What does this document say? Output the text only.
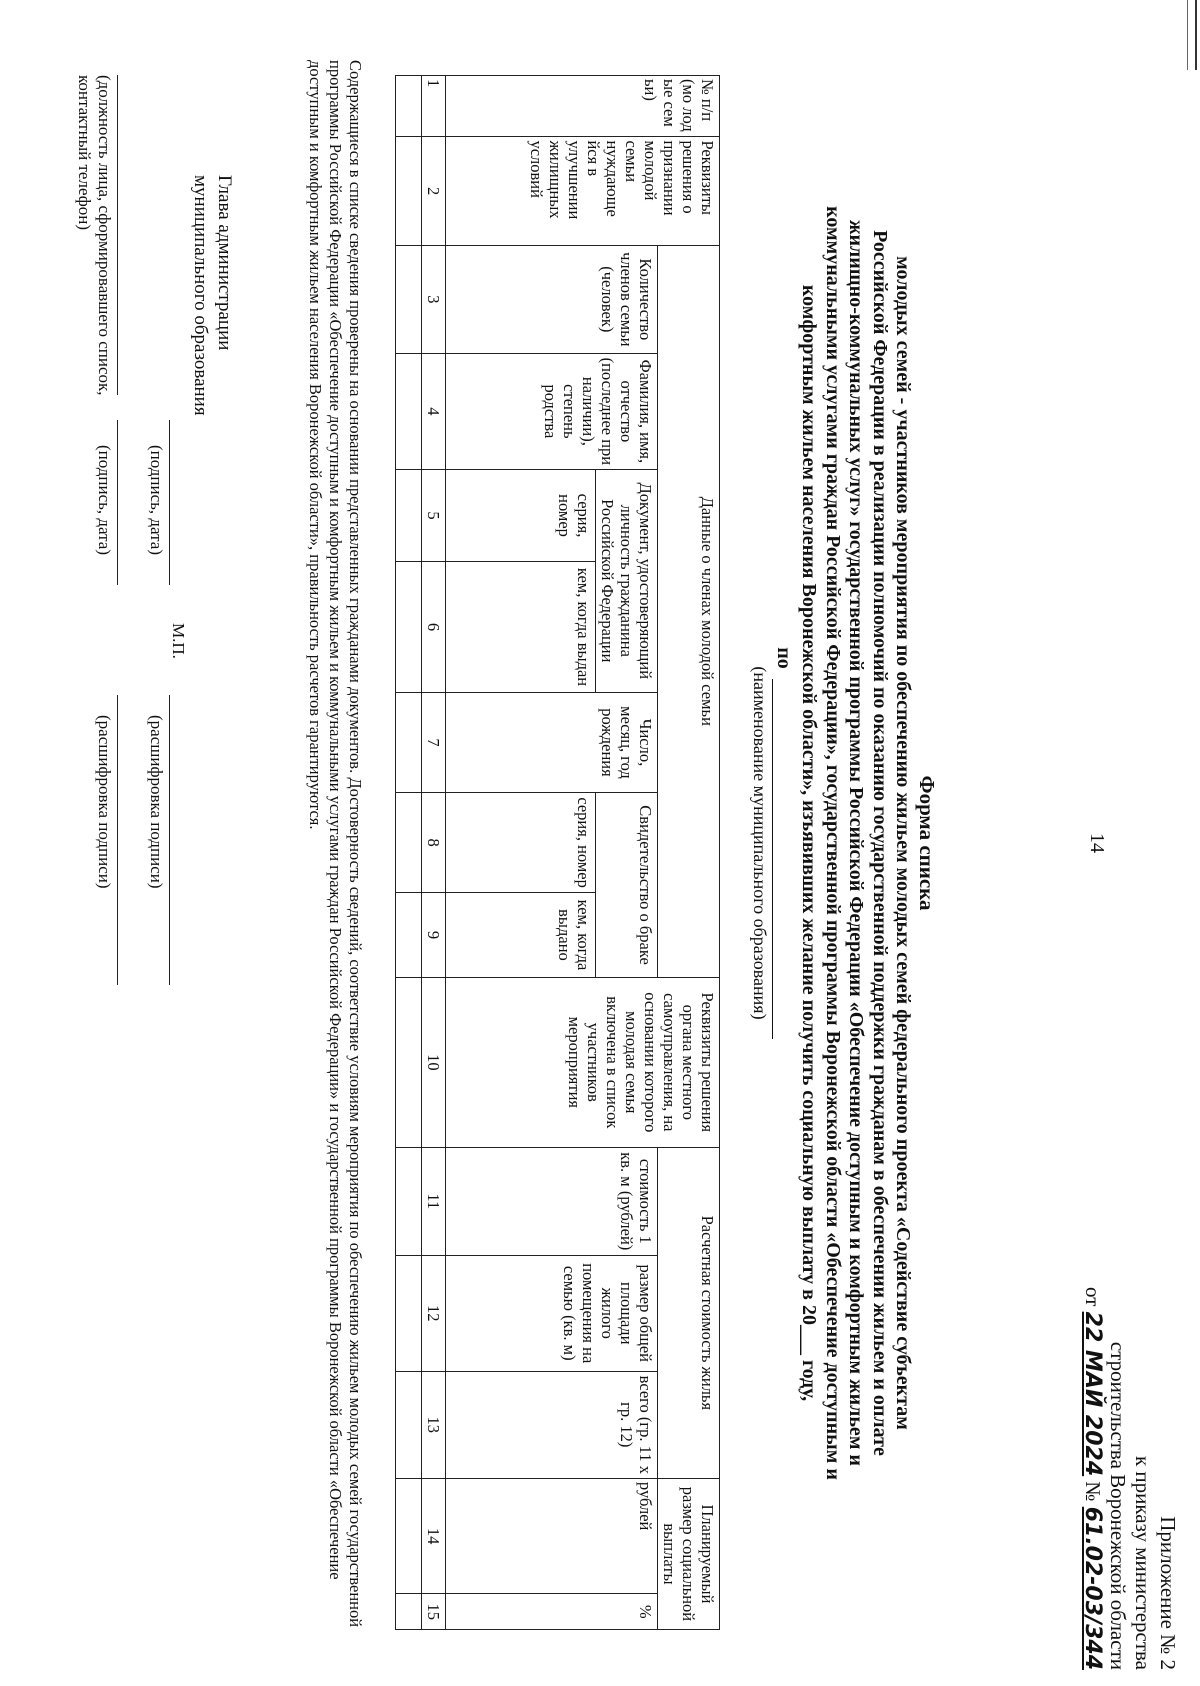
14
Приложение № 2
к приказу министерства
строительства Воронежской области
от 22 МАЙ 2024 № 61.02-03/344
Форма списка
молодых семей - участников мероприятия по обеспечению жильем молодых семей федерального проекта «Содействие субъектам
Российской Федерации в реализации полномочий по оказанию государственной поддержки гражданам в обеспечении жильем и оплате
жилищно-коммунальных услуг» государственной программы Российской Федерации «Обеспечение доступным и комфортным жильем и
коммунальными услугами граждан Российской Федерации», государственной программы Воронежской области «Обеспечение доступным и
комфортным жильем населения Воронежской области», изъявивших желание получить социальную выплату в 20___ году,
по
(наименование муниципального образования)
№ п/п (мо лод ые сем ьи)	Реквизиты решения о признании молодой семьи нуждающе йся в улучшении жилищных условий	Данные о членах молодой семьи							Реквизиты решения органа местного самоуправления, на основании которого молодая семья включена в список участников мероприятия	Расчетная стоимость жилья			Планируемый размер социальной выплаты	
		Количество членов семьи (человек)	Фамилия, имя, отчество (последнее при наличии), степень родства	Документ, удостоверяющий личность гражданина Российской Федерации		Число, месяц, год рождения	Свидетельство о браке			стоимость 1 кв. м (рублей)	размер общей площади жилого помещения на семью (кв. м)	всего (гр. 11 x гр. 12)	рублей	%
				серия, номер	кем, когда выдан		серия, номер	кем, когда выдано						
1	2	3	4	5	6	7	8	9	10	11	12	13	14	15

Содержащиеся в списке сведения проверены на основании представленных гражданами документов. Достоверность сведений, соответствие условиям мероприятия по обеспечению жильем молодых семей государственной программы Российской Федерации «Обеспечение доступным и комфортным жильем и коммунальными услугами граждан Российской Федерации» и государственной программы Воронежской области «Обеспечение доступным и комфортным жильем населения Воронежской области», правильность расчетов гарантируются.
Глава администрации
муниципального образования
(подпись, дата)
М.П.
(расшифровка подписи)
(должность лица, сформировавшего список, контактный телефон)
(подпись, дата)
(расшифровка подписи)
